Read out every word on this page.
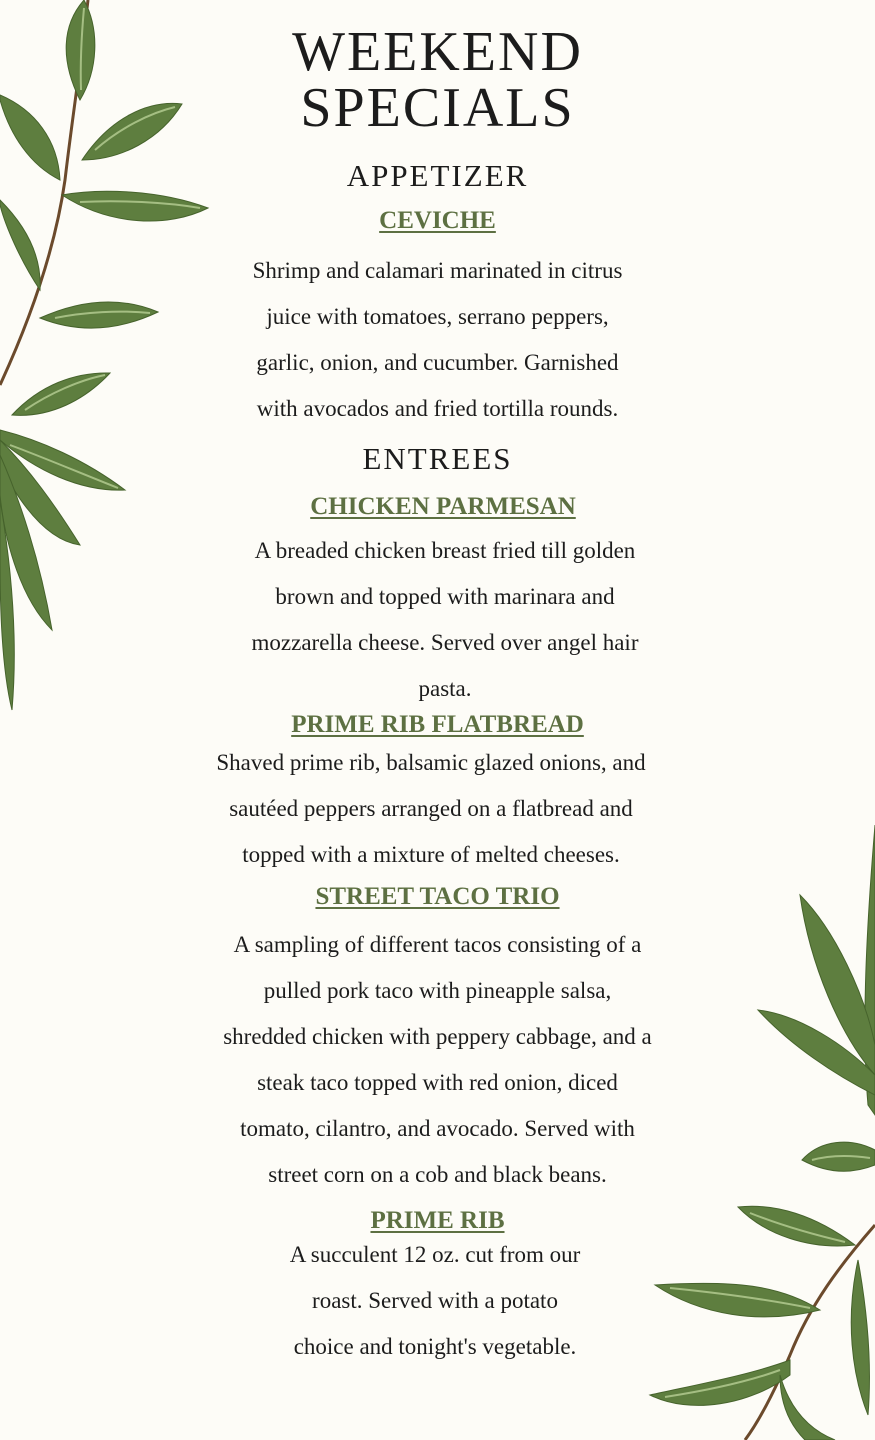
WEEKEND
SPECIALS
APPETIZER
CEVICHE

Shrimp and calamari marinated in citrus
juice with tomatoes, serrano peppers,
garlic, onion, and cucumber. Garnished
with avocados and fried tortilla rounds.

ENTREES
CHICKEN PARMESAN

A breaded chicken breast fried till golden
brown and topped with marinara and
mozzarella cheese. Served over angel hair
pasta.

PRIME RIB FLATBREAD

Shaved prime rib, balsamic glazed onions, and
sautéed peppers arranged on a flatbread and
topped with a mixture of melted cheeses.

STREET TACO TRIO

A sampling of different tacos consisting of a
pulled pork taco with pineapple salsa,
shredded chicken with peppery cabbage, and a
steak taco topped with red onion, diced
tomato, cilantro, and avocado. Served with
street corn on a cob and black beans.

PRIME RIB

A succulent 12 oz. cut from our
roast. Served with a potato
choice and tonight's vegetable.
